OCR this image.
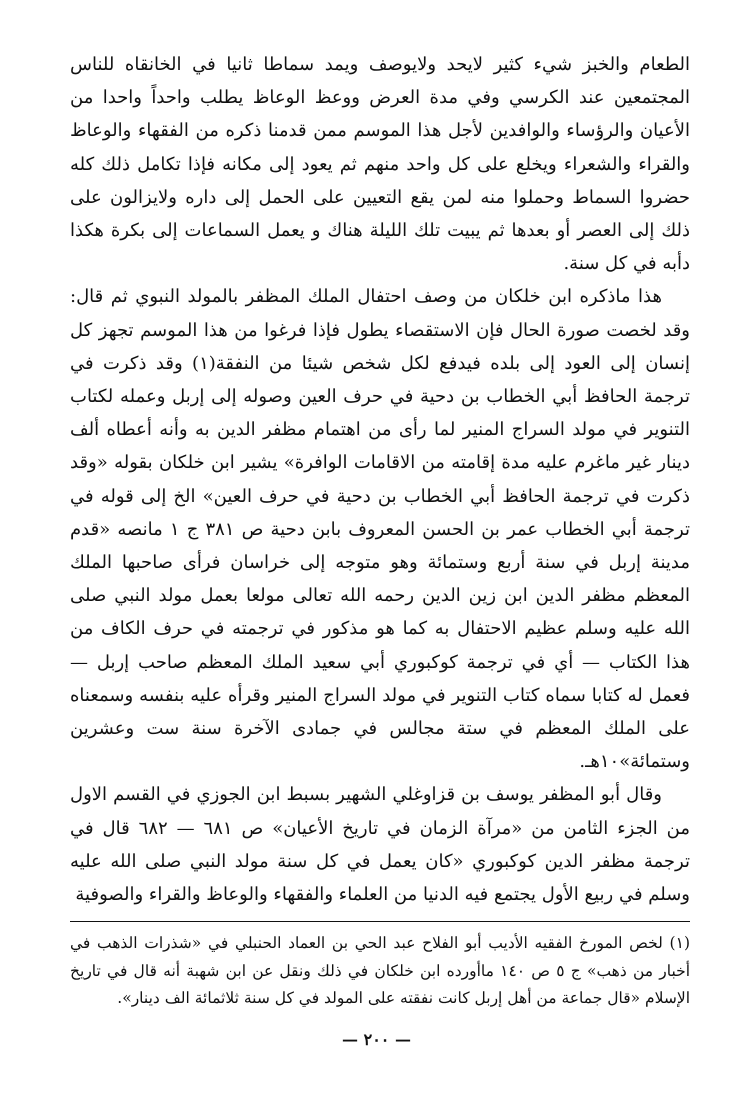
الطعام والخبز شيء كثير لايحد ولايوصف ويمد سماطا ثانيا في الخانقاه للناس المجتمعين عند الكرسي وفي مدة العرض ووعظ الوعاظ يطلب واحداً واحدا من الأعيان والرؤساء والوافدين لأجل هذا الموسم ممن قدمنا ذكره من الفقهاء والوعاظ والقراء والشعراء ويخلع على كل واحد منهم ثم يعود إلى مكانه فإذا تكامل ذلك كله حضروا السماط وحملوا منه لمن يقع التعيين على الحمل إلى داره ولايزالون على ذلك إلى العصر أو بعدها ثم يبيت تلك الليلة هناك و يعمل السماعات إلى بكرة هكذا دأبه في كل سنة.

هذا ماذكره ابن خلكان من وصف احتفال الملك المظفر بالمولد النبوي ثم قال: وقد لخصت صورة الحال فإن الاستقصاء يطول فإذا فرغوا من هذا الموسم تجهز كل إنسان إلى العود إلى بلده فيدفع لكل شخص شيئا من النفقة(١) وقد ذكرت في ترجمة الحافظ أبي الخطاب بن دحية في حرف العين وصوله إلى إربل وعمله لكتاب التنوير في مولد السراج المنير لما رأى من اهتمام مظفر الدين به وأنه أعطاه ألف دينار غير ماغرم عليه مدة إقامته من الاقامات الوافرة» يشير ابن خلكان بقوله «وقد ذكرت في ترجمة الحافظ أبي الخطاب بن دحية في حرف العين» الخ إلى قوله في ترجمة أبي الخطاب عمر بن الحسن المعروف بابن دحية ص ٣٨١ ج ١ مانصه «قدم مدينة إربل في سنة أربع وستمائة وهو متوجه إلى خراسان فرأى صاحبها الملك المعظم مظفر الدين ابن زين الدين رحمه الله تعالى مولعا بعمل مولد النبي صلى الله عليه وسلم عظيم الاحتفال به كما هو مذكور في ترجمته في حرف الكاف من هذا الكتاب — أي في ترجمة كوكبوري أبي سعيد الملك المعظم صاحب إربل — فعمل له كتابا سماه كتاب التنوير في مولد السراج المنير وقرأه عليه بنفسه وسمعناه على الملك المعظم في ستة مجالس في جمادى الآخرة سنة ست وعشرين وستمائة»١٠هـ.

وقال أبو المظفر يوسف بن قزاوغلي الشهير بسبط ابن الجوزي في القسم الاول من الجزء الثامن من «مرآة الزمان في تاريخ الأعيان» ص ٦٨١ — ٦٨٢ قال في ترجمة مظفر الدين كوكبوري «كان يعمل في كل سنة مولد النبي صلى الله عليه وسلم في ربيع الأول يجتمع فيه الدنيا من العلماء والفقهاء والوعاظ والقراء والصوفية

(١) لخص المورخ الفقيه الأديب أبو الفلاح عبد الحي بن العماد الحنبلي في «شذرات الذهب في أخبار من ذهب» ج ٥ ص ١٤٠ ماأورده ابن خلكان في ذلك ونقل عن ابن شهبة أنه قال في تاريخ الإسلام «قال جماعة من أهل إربل كانت نفقته على المولد في كل سنة ثلاثمائة الف دينار».

— ٢٠٠ —
